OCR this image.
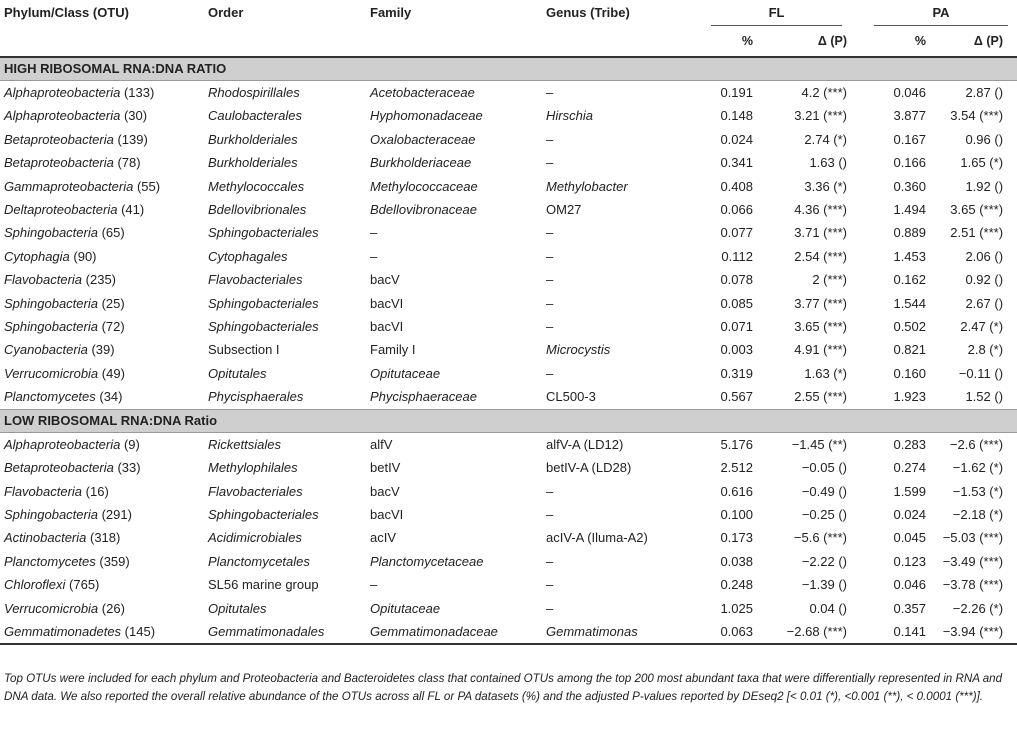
Phylum/Class (OTU)	Order	Family	Genus (Tribe)	FL		PA	
				%	Δ (P)	%	Δ (P)
HIGH RIBOSOMAL RNA:DNA RATIO							
Alphaproteobacteria (133)	Rhodospirillales	Acetobacteraceae	–	0.191	4.2 (***)	0.046	2.87 ()
Alphaproteobacteria (30)	Caulobacterales	Hyphomonadaceae	Hirschia	0.148	3.21 (***)	3.877	3.54 (***)
Betaproteobacteria (139)	Burkholderiales	Oxalobacteraceae	–	0.024	2.74 (*)	0.167	0.96 ()
Betaproteobacteria (78)	Burkholderiales	Burkholderiaceae	–	0.341	1.63 ()	0.166	1.65 (*)
Gammaproteobacteria (55)	Methylococcales	Methylococcaceae	Methylobacter	0.408	3.36 (*)	0.360	1.92 ()
Deltaproteobacteria (41)	Bdellovibrionales	Bdellovibronaceae	OM27	0.066	4.36 (***)	1.494	3.65 (***)
Sphingobacteria (65)	Sphingobacteriales	–	–	0.077	3.71 (***)	0.889	2.51 (***)
Cytophagia (90)	Cytophagales	–	–	0.112	2.54 (***)	1.453	2.06 ()
Flavobacteria (235)	Flavobacteriales	bacV	–	0.078	2 (***)	0.162	0.92 ()
Sphingobacteria (25)	Sphingobacteriales	bacVI	–	0.085	3.77 (***)	1.544	2.67 ()
Sphingobacteria (72)	Sphingobacteriales	bacVI	–	0.071	3.65 (***)	0.502	2.47 (*)
Cyanobacteria (39)	Subsection I	Family I	Microcystis	0.003	4.91 (***)	0.821	2.8 (*)
Verrucomicrobia (49)	Opitutales	Opitutaceae	–	0.319	1.63 (*)	0.160	−0.11 ()
Planctomycetes (34)	Phycisphaerales	Phycisphaeraceae	CL500-3	0.567	2.55 (***)	1.923	1.52 ()
LOW RIBOSOMAL RNA:DNA Ratio							
Alphaproteobacteria (9)	Rickettsiales	alfV	alfV-A (LD12)	5.176	−1.45 (**)	0.283	−2.6 (***)
Betaproteobacteria (33)	Methylophilales	betIV	betIV-A (LD28)	2.512	−0.05 ()	0.274	−1.62 (*)
Flavobacteria (16)	Flavobacteriales	bacV	–	0.616	−0.49 ()	1.599	−1.53 (*)
Sphingobacteria (291)	Sphingobacteriales	bacVI	–	0.100	−0.25 ()	0.024	−2.18 (*)
Actinobacteria (318)	Acidimicrobiales	acIV	acIV-A (Iluma-A2)	0.173	−5.6 (***)	0.045	−5.03 (***)
Planctomycetes (359)	Planctomycetales	Planctomycetaceae	–	0.038	−2.22 ()	0.123	−3.49 (***)
Chloroflexi (765)	SL56 marine group	–	–	0.248	−1.39 ()	0.046	−3.78 (***)
Verrucomicrobia (26)	Opitutales	Opitutaceae	–	1.025	0.04 ()	0.357	−2.26 (*)
Gemmatimonadetes (145)	Gemmatimonadales	Gemmatimonadaceae	Gemmatimonas	0.063	−2.68 (***)	0.141	−3.94 (***)
Top OTUs were included for each phylum and Proteobacteria and Bacteroidetes class that contained OTUs among the top 200 most abundant taxa that were differentially represented in RNA and DNA data. We also reported the overall relative abundance of the OTUs across all FL or PA datasets (%) and the adjusted P-values reported by DEseq2 [< 0.01 (*), <0.001 (**), < 0.0001 (***)].
